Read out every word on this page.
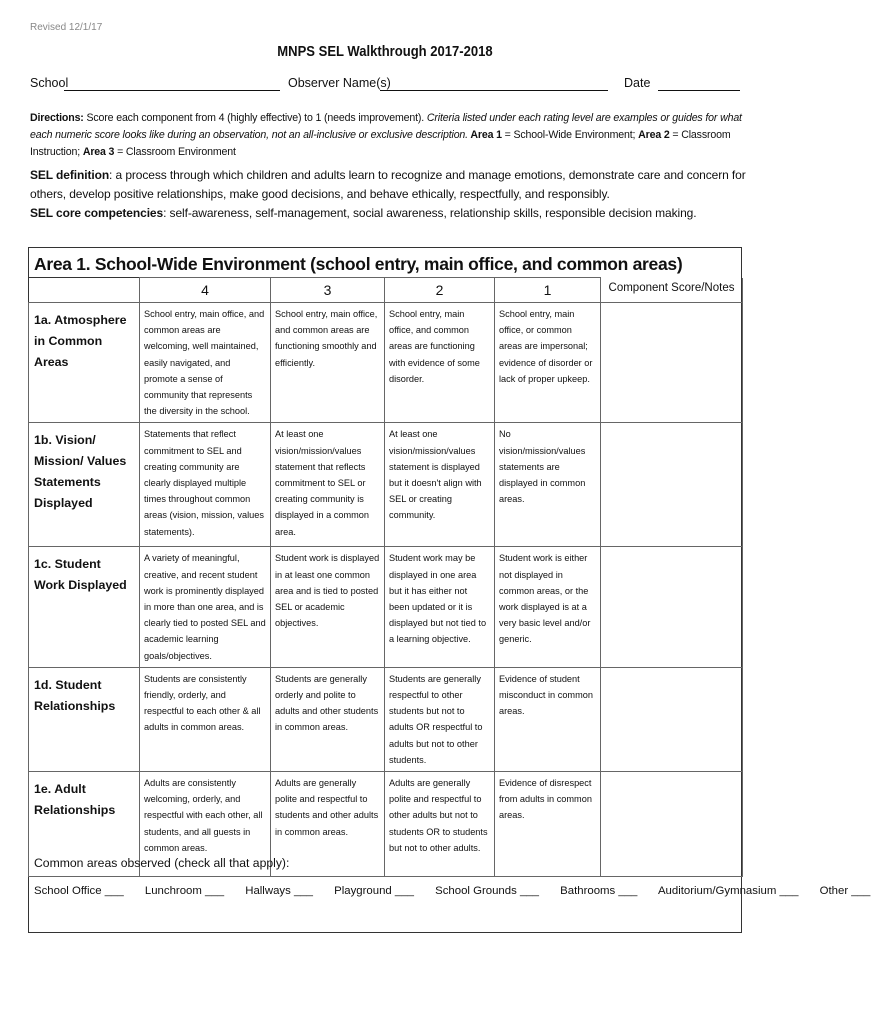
Revised 12/1/17
MNPS SEL Walkthrough 2017-2018
School	Observer Name(s)	Date
Directions: Score each component from 4 (highly effective) to 1 (needs improvement). Criteria listed under each rating level are examples or guides for what each numeric score looks like during an observation, not an all-inclusive or exclusive description. Area 1 = School-Wide Environment; Area 2 = Classroom Instruction; Area 3 = Classroom Environment
SEL definition: a process through which children and adults learn to recognize and manage emotions, demonstrate care and concern for others, develop positive relationships, make good decisions, and behave ethically, respectfully, and responsibly.
SEL core competencies: self-awareness, self-management, social awareness, relationship skills, responsible decision making.
Area 1. School-Wide Environment (school entry, main office, and common areas)
	4	3	2	1	Component Score/Notes
1a. Atmosphere in Common Areas	School entry, main office, and common areas are welcoming, well maintained, easily navigated, and promote a sense of community that represents the diversity in the school.	School entry, main office, and common areas are functioning smoothly and efficiently.	School entry, main office, and common areas are functioning with evidence of some disorder.	School entry, main office, or common areas are impersonal; evidence of disorder or lack of proper upkeep.	
1b. Vision/ Mission/ Values Statements Displayed	Statements that reflect commitment to SEL and creating community are clearly displayed multiple times throughout common areas (vision, mission, values statements).	At least one vision/mission/values statement that reflects commitment to SEL or creating community is displayed in a common area.	At least one vision/mission/values statement is displayed but it doesn't align with SEL or creating community.	No vision/mission/values statements are displayed in common areas.	
1c. Student Work Displayed	A variety of meaningful, creative, and recent student work is prominently displayed in more than one area, and is clearly tied to posted SEL and academic learning goals/objectives.	Student work is displayed in at least one common area and is tied to posted SEL or academic objectives.	Student work may be displayed in one area but it has either not been updated or it is displayed but not tied to a learning objective.	Student work is either not displayed in common areas, or the work displayed is at a very basic level and/or generic.	
1d. Student Relationships	Students are consistently friendly, orderly, and respectful to each other & all adults in common areas.	Students are generally orderly and polite to adults and other students in common areas.	Students are generally respectful to other students but not to adults OR respectful to adults but not to other students.	Evidence of student misconduct in common areas.	
1e. Adult Relationships	Adults are consistently welcoming, orderly, and respectful with each other, all students, and all guests in common areas.	Adults are generally polite and respectful to students and other adults in common areas.	Adults are generally polite and respectful to other adults but not to students OR to students but not to other adults.	Evidence of disrespect from adults in common areas.	
Common areas observed (check all that apply):
School Office ___ Lunchroom ___ Hallways ___ Playground ___ School Grounds ___ Bathrooms ___ Auditorium/Gymnasium ___ Other ___
